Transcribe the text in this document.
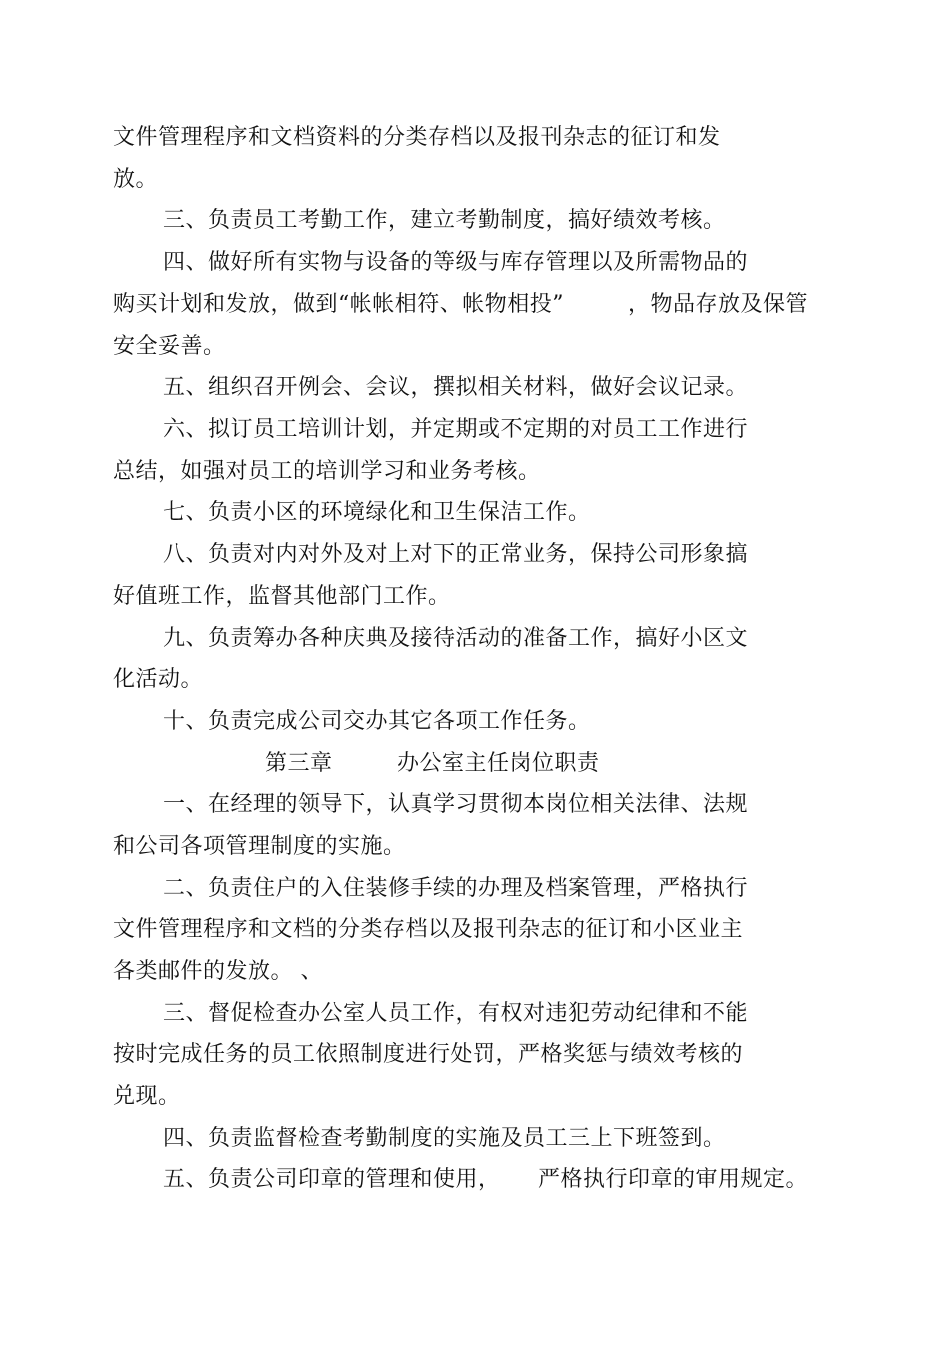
文件管理程序和文档资料的分类存档以及报刊杂志的征订和发
放。
三、负责员工考勤工作，建立考勤制度，搞好绩效考核。
四、做好所有实物与设备的等级与库存管理以及所需物品的
购买计划和发放，做到“帐帐相符、帐物相投”	，物品存放及保管
安全妥善。
五、组织召开例会、会议，撰拟相关材料，做好会议记录。
六、拟订员工培训计划，并定期或不定期的对员工工作进行
总结，如强对员工的培训学习和业务考核。
七、负责小区的环境绿化和卫生保洁工作。
八、负责对内对外及对上对下的正常业务，保持公司形象搞
好值班工作，监督其他部门工作。
九、负责筹办各种庆典及接待活动的准备工作，搞好小区文
化活动。
十、负责完成公司交办其它各项工作任务。
第三章	办公室主任岗位职责
一、在经理的领导下，认真学习贯彻本岗位相关法律、法规
和公司各项管理制度的实施。
二、负责住户的入住装修手续的办理及档案管理，严格执行
文件管理程序和文档的分类存档以及报刊杂志的征订和小区业主
各类邮件的发放。 、
三、督促检查办公室人员工作，有权对违犯劳动纪律和不能
按时完成任务的员工依照制度进行处罚，严格奖惩与绩效考核的
兑现。
四、负责监督检查考勤制度的实施及员工三上下班签到。
五、负责公司印章的管理和使用， 严格执行印章的审用规定。
